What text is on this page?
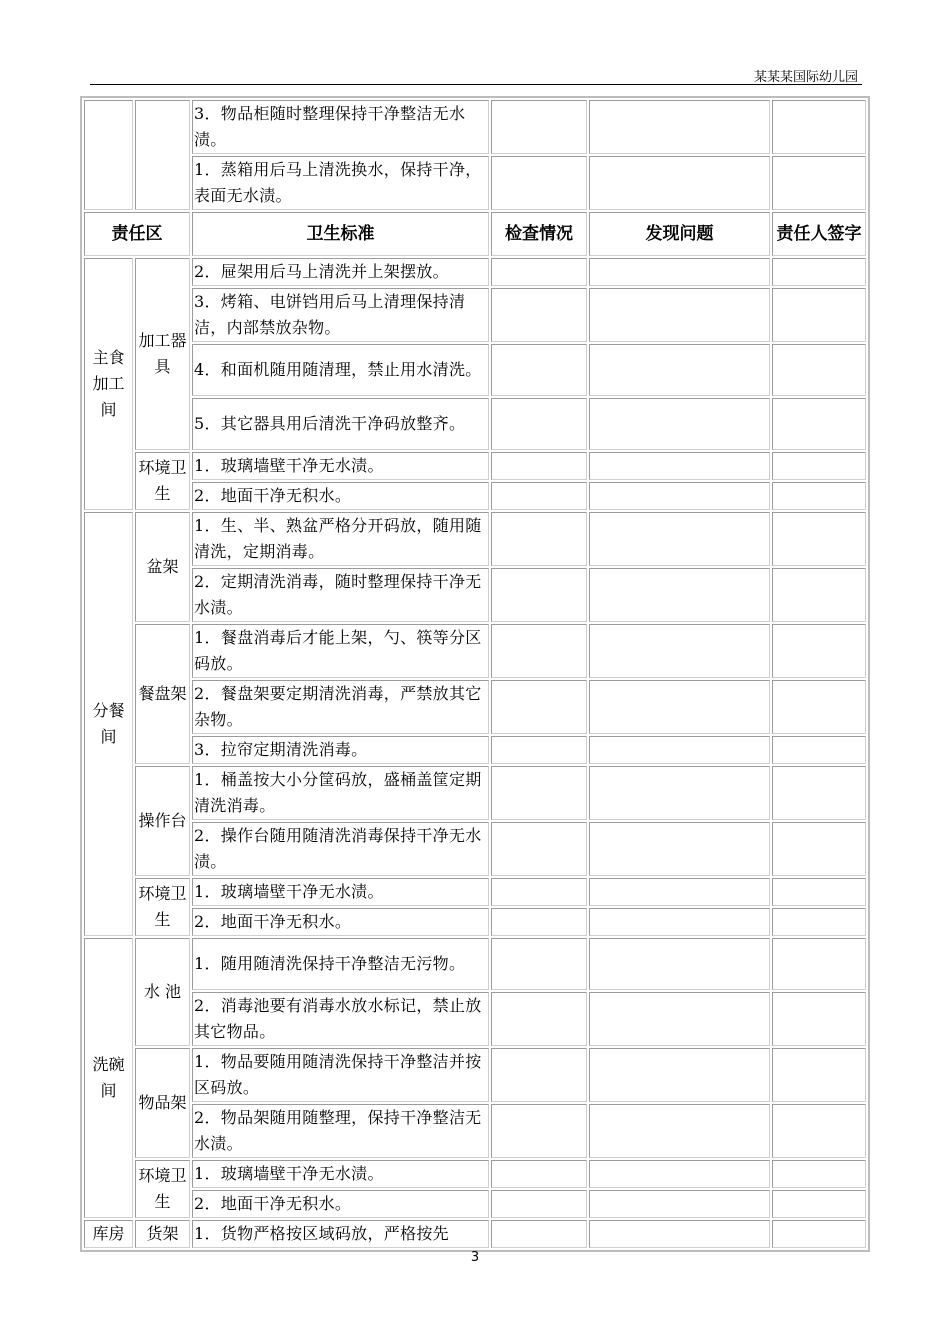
某某某国际幼儿园
		3．物品柜随时整理保持干净整洁无水渍。			
		1．蒸箱用后马上清洗换水，保持干净，表面无水渍。			
责任区		卫生标准	检查情况	发现问题	责任人签字
主食加工间	加工器具	2．屉架用后马上清洗并上架摆放。			
		3．烤箱、电饼铛用后马上清理保持清洁，内部禁放杂物。			
		4．和面机随用随清理，禁止用水清洗。			
		5．其它器具用后清洗干净码放整齐。			
	环境卫生	1．玻璃墙壁干净无水渍。			
		2．地面干净无积水。			
分餐间	盆架	1．生、半、熟盆严格分开码放，随用随清洗，定期消毒。			
		2．定期清洗消毒，随时整理保持干净无水渍。			
	餐盘架	1．餐盘消毒后才能上架，勺、筷等分区码放。			
		2．餐盘架要定期清洗消毒，严禁放其它杂物。			
		3．拉帘定期清洗消毒。			
	操作台	1．桶盖按大小分筐码放，盛桶盖筐定期清洗消毒。			
		2．操作台随用随清洗消毒保持干净无水渍。			
	环境卫生	1．玻璃墙壁干净无水渍。			
		2．地面干净无积水。			
洗碗间	水 池	1．随用随清洗保持干净整洁无污物。			
		2．消毒池要有消毒水放水标记，禁止放其它物品。			
	物品架	1．物品要随用随清洗保持干净整洁并按区码放。			
		2．物品架随用随整理，保持干净整洁无水渍。			
	环境卫生	1．玻璃墙壁干净无水渍。			
		2．地面干净无积水。			
库房	货架	1．货物严格按区域码放，严格按先			
3
